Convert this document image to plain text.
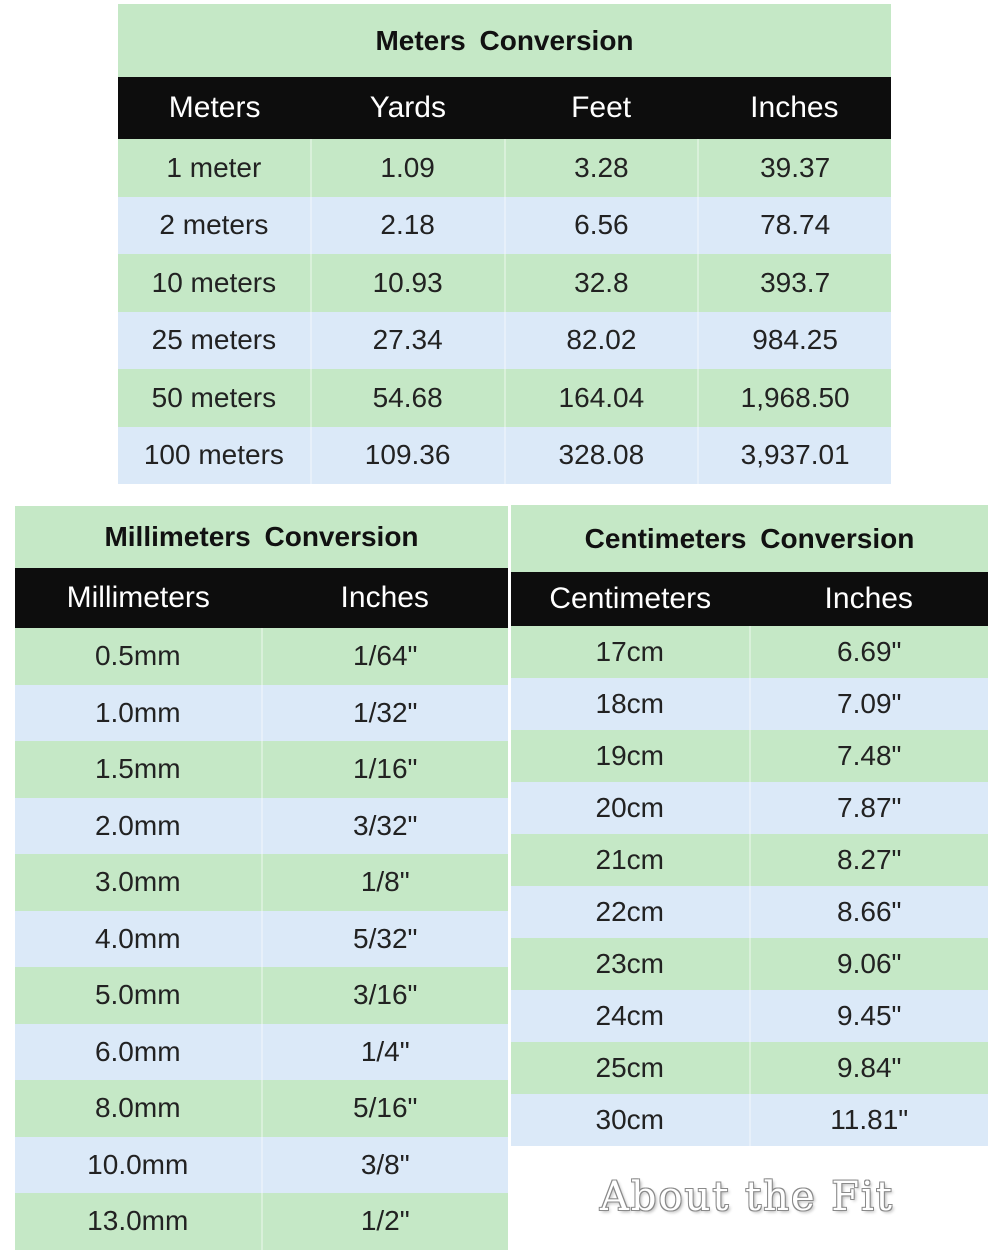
Meters Conversion
Meters	Yards	Feet	Inches
1 meter	1.09	3.28	39.37
2 meters	2.18	6.56	78.74
10 meters	10.93	32.8	393.7
25 meters	27.34	82.02	984.25
50 meters	54.68	164.04	1,968.50
100 meters	109.36	328.08	3,937.01
Millimeters Conversion
Millimeters	Inches
0.5mm	1/64"
1.0mm	1/32"
1.5mm	1/16"
2.0mm	3/32"
3.0mm	1/8"
4.0mm	5/32"
5.0mm	3/16"
6.0mm	1/4"
8.0mm	5/16"
10.0mm	3/8"
13.0mm	1/2"
Centimeters Conversion
Centimeters	Inches
17cm	6.69"
18cm	7.09"
19cm	7.48"
20cm	7.87"
21cm	8.27"
22cm	8.66"
23cm	9.06"
24cm	9.45"
25cm	9.84"
30cm	11.81"
About the Fit
